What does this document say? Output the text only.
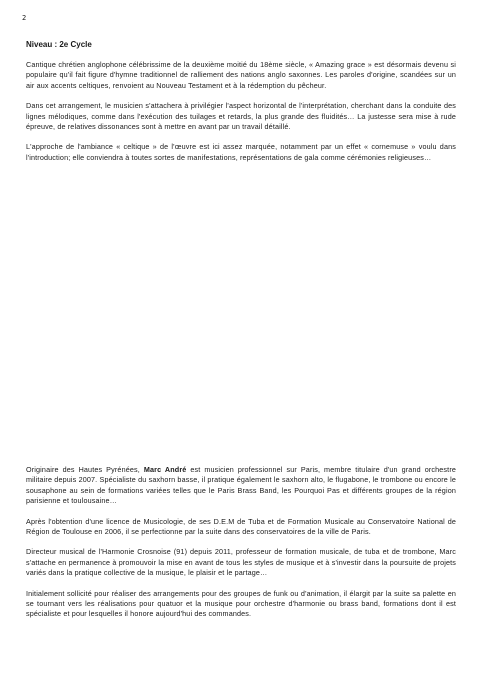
2
Niveau : 2e Cycle

Cantique chrétien anglophone célébrissime de la deuxième moitié du 18ème siècle, « Amazing grace » est désormais devenu si populaire qu'il fait figure d'hymne traditionnel de ralliement des nations anglo saxonnes. Les paroles d'origine, scandées sur un air aux accents celtiques, renvoient au Nouveau Testament et à la rédemption du pêcheur.

Dans cet arrangement, le musicien s'attachera à privilégier l'aspect horizontal de l'interprétation, cherchant dans la conduite des lignes mélodiques, comme dans l'exécution des tuilages et retards, la plus grande des fluidités… La justesse sera mise à rude épreuve, de relatives dissonances sont à mettre en avant par un travail détaillé.

L'approche de l'ambiance « celtique » de l'œuvre est ici assez marquée, notamment par un effet « cornemuse » voulu dans l'introduction; elle conviendra à toutes sortes de manifestations, représentations de gala comme cérémonies religieuses…

Originaire des Hautes Pyrénées, Marc André est musicien professionnel sur Paris, membre titulaire d'un grand orchestre militaire depuis 2007. Spécialiste du saxhorn basse, il pratique également le saxhorn alto, le flugabone, le trombone ou encore le sousaphone au sein de formations variées telles que le Paris Brass Band, les Pourquoi Pas et différents groupes de la région parisienne et toulousaine…

Après l'obtention d'une licence de Musicologie, de ses D.E.M de Tuba et de Formation Musicale au Conservatoire National de Région de Toulouse en 2006, il se perfectionne par la suite dans des conservatoires de la ville de Paris.

Directeur musical de l'Harmonie Crosnoise (91) depuis 2011, professeur de formation musicale, de tuba et de trombone, Marc s'attache en permanence à promouvoir la mise en avant de tous les styles de musique et à s'investir dans la poursuite de projets variés dans la pratique collective de la musique, le plaisir et le partage…

Initialement sollicité pour réaliser des arrangements pour des groupes de funk ou d'animation, il élargit par la suite sa palette en se tournant vers les réalisations pour quatuor et la musique pour orchestre d'harmonie ou brass band, formations dont il est spécialiste et pour lesquelles il honore aujourd'hui des commandes.
